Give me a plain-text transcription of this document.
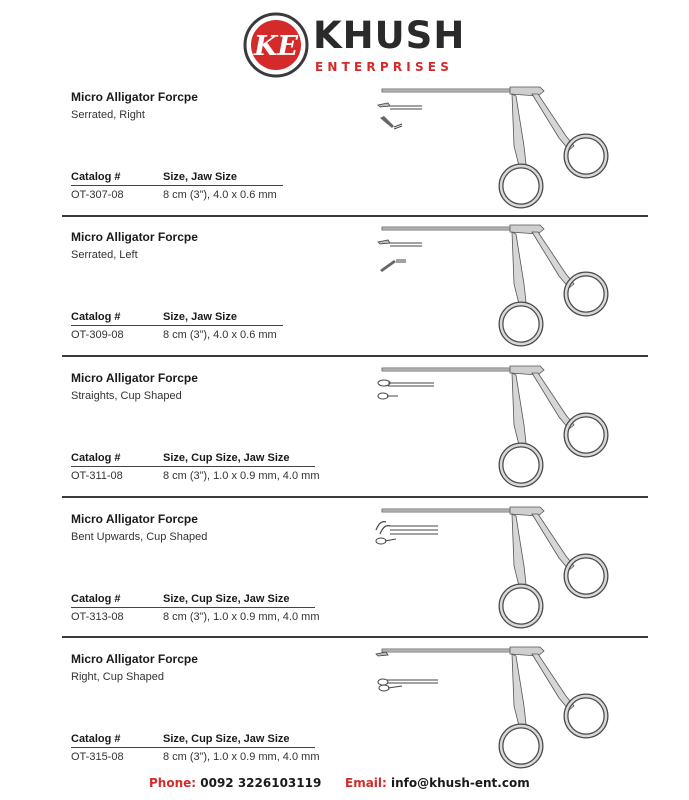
KE KHUSH
ENTERPRISES
Micro Alligator Forcpe
Serrated, Right
Catalog #	Size, Jaw Size
OT-307-08	8 cm (3”), 4.0 x 0.6 mm
Micro Alligator Forcpe
Serrated, Left
Catalog #	Size, Jaw Size
OT-309-08	8 cm (3”), 4.0 x 0.6 mm
Micro Alligator Forcpe
Straights, Cup Shaped
Catalog #	Size, Cup Size, Jaw Size
OT-311-08	8 cm (3”), 1.0 x 0.9 mm, 4.0 mm
Micro Alligator Forcpe
Bent Upwards, Cup Shaped
Catalog #	Size, Cup Size, Jaw Size
OT-313-08	8 cm (3”), 1.0 x 0.9 mm, 4.0 mm
Micro Alligator Forcpe
Right, Cup Shaped
Catalog #	Size, Cup Size, Jaw Size
OT-315-08	8 cm (3”), 1.0 x 0.9 mm, 4.0 mm
Phone: 0092 3226103119 Email: info@khush-ent.com
